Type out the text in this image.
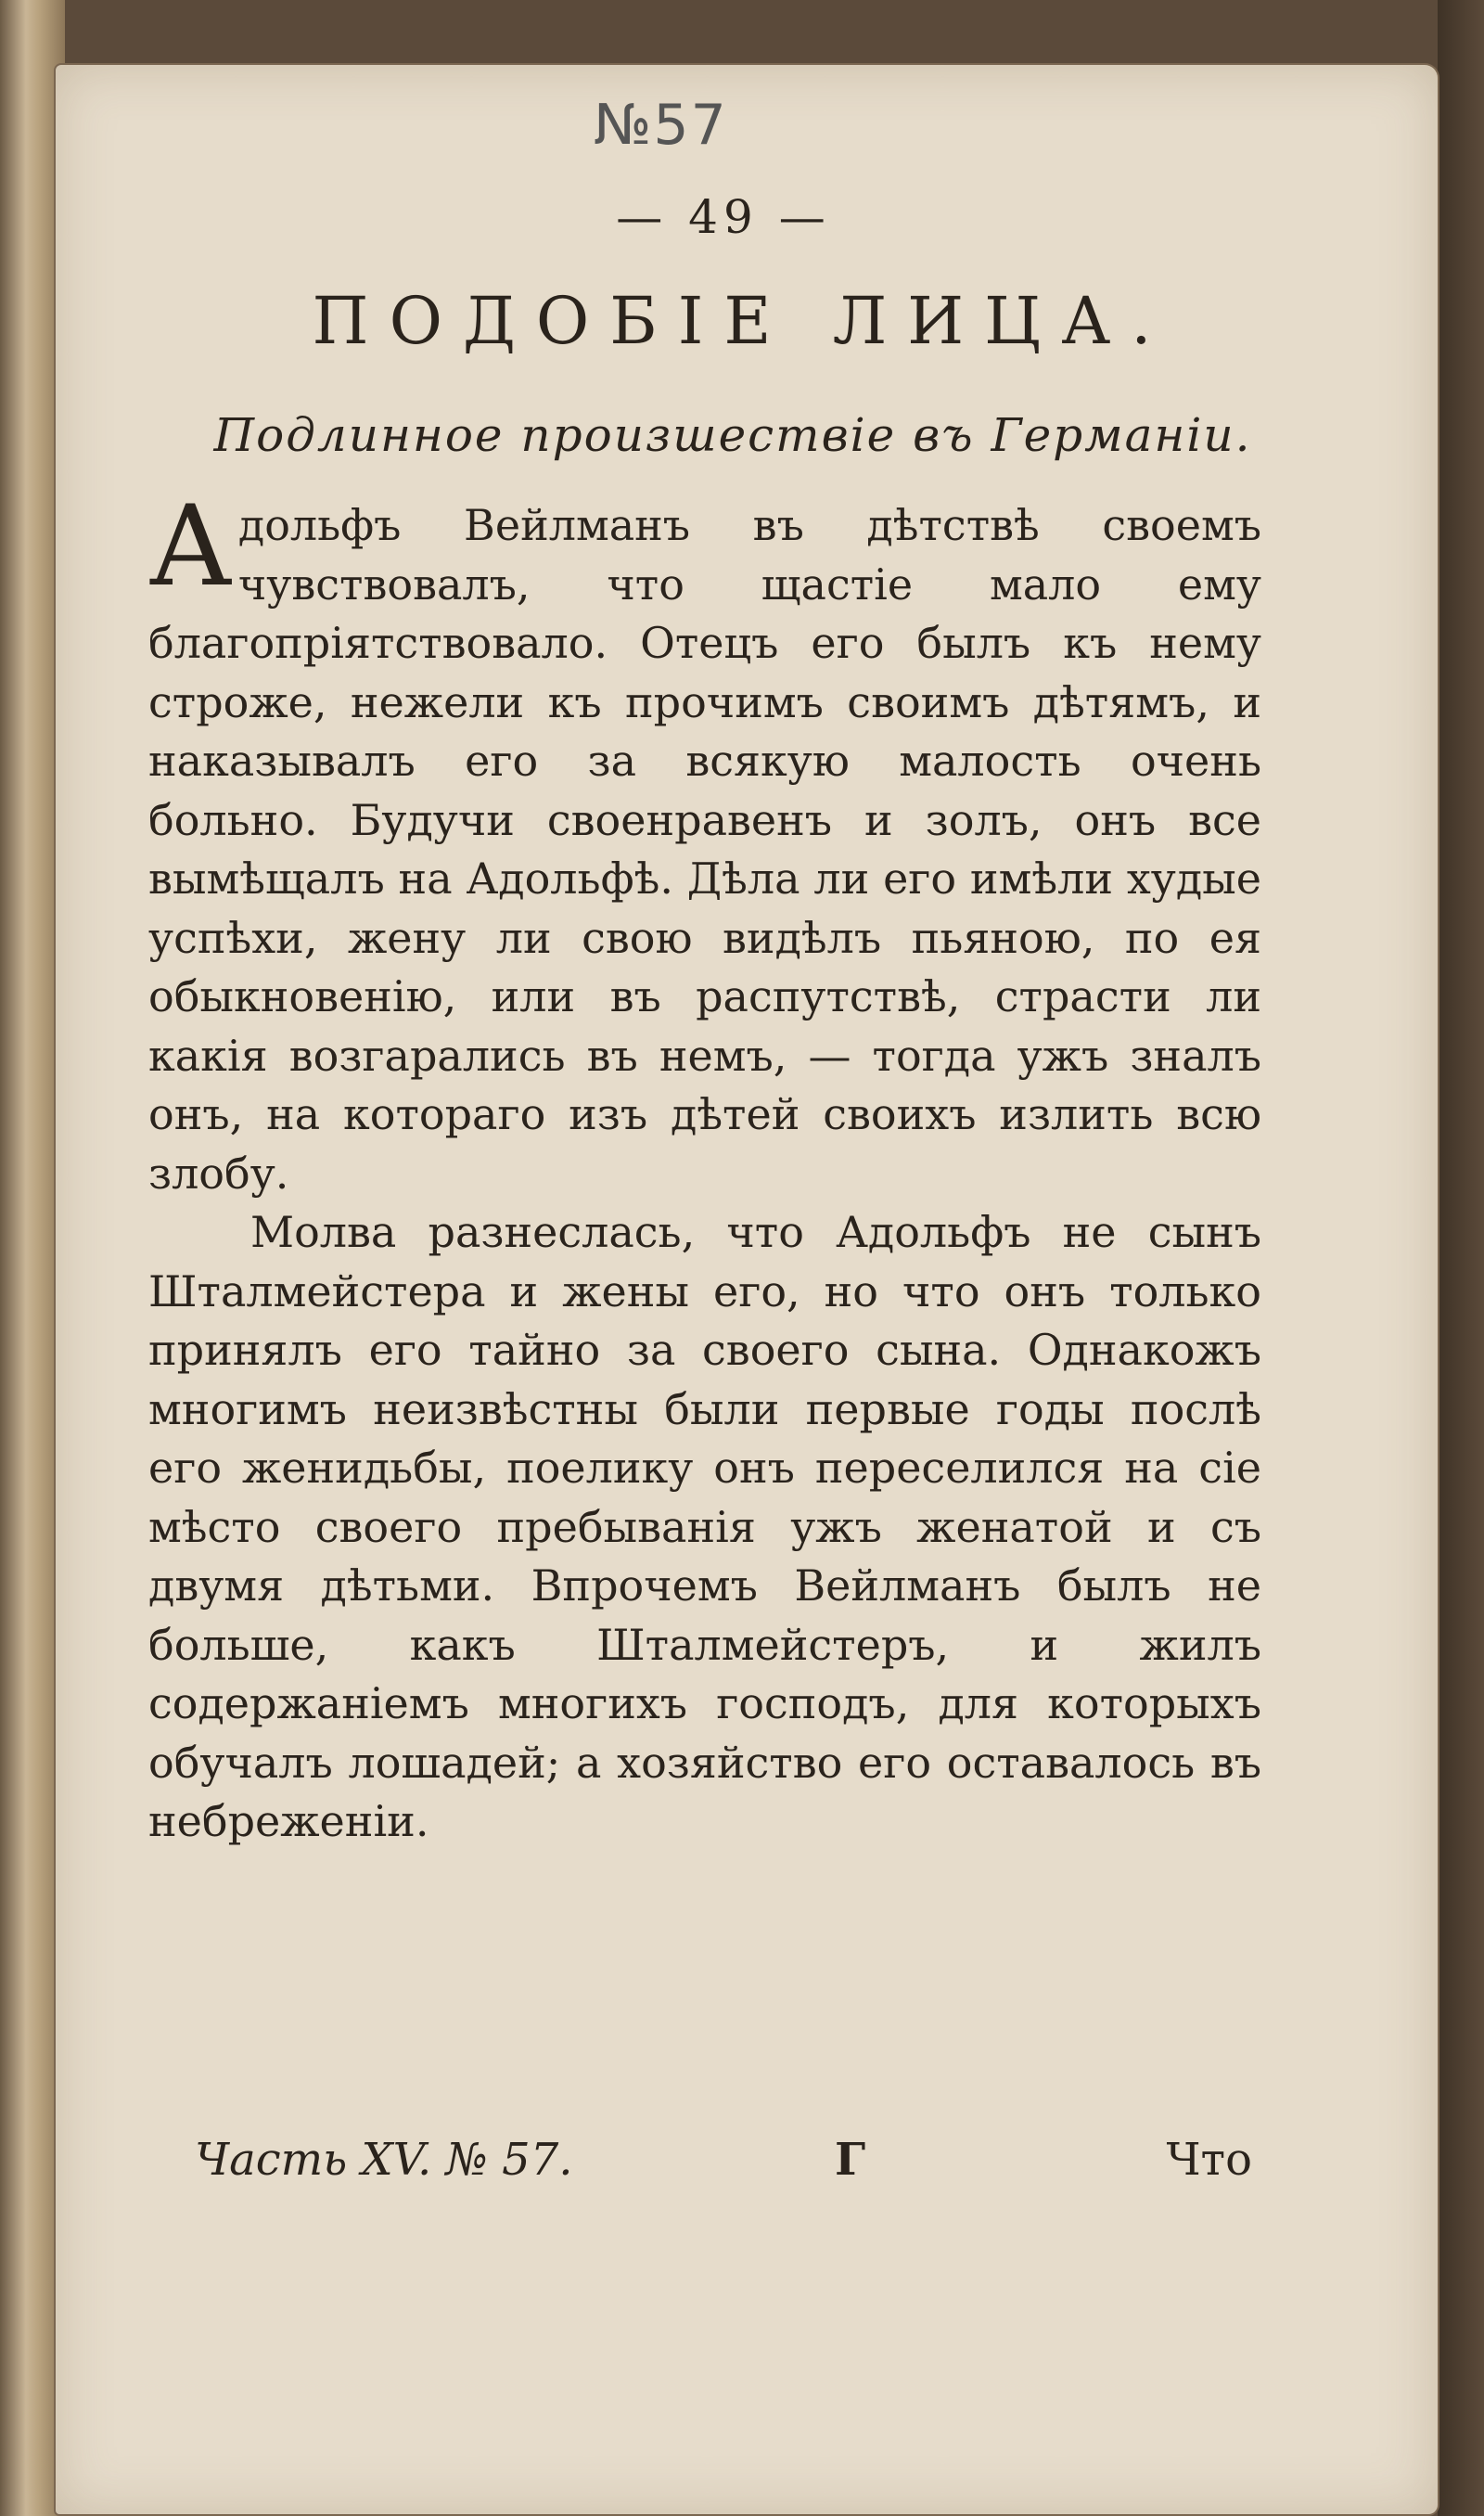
№57
— 49 —
ПОДОБІЕ ЛИЦА.
Подлинное произшествіе въ Германіи.

Адольфъ Вейлманъ въ дѣтствѣ своемъ чувствовалъ, что щастіе мало ему благопріятствовало. Отецъ его былъ къ нему строже, нежели къ прочимъ своимъ дѣтямъ, и наказывалъ его за всякую малость очень больно. Будучи своенравенъ и золъ, онъ все вымѣщалъ на Адольфѣ. Дѣла ли его имѣли худые успѣхи, жену ли свою видѣлъ пьяною, по ея обыкновенію, или въ распутствѣ, страсти ли какія возгарались въ немъ, — тогда ужъ зналъ онъ, на котораго изъ дѣтей своихъ излить всю злобу.

Молва разнеслась, что Адольфъ не сынъ Шталмейстера и жены его, но что онъ только принялъ его тайно за своего сына. Однакожъ многимъ неизвѣстны были первые годы послѣ его женидьбы, поелику онъ переселился на сіе мѣсто своего пребыванія ужъ женатой и съ двумя дѣтьми. Впрочемъ Вейлманъ былъ не больше, какъ Шталмейстеръ, и жилъ содержаніемъ многихъ господъ, для которыхъ обучалъ лошадей; а хозяйство его оставалось въ небреженіи.

Часть XV. № 57.	Г	Что
